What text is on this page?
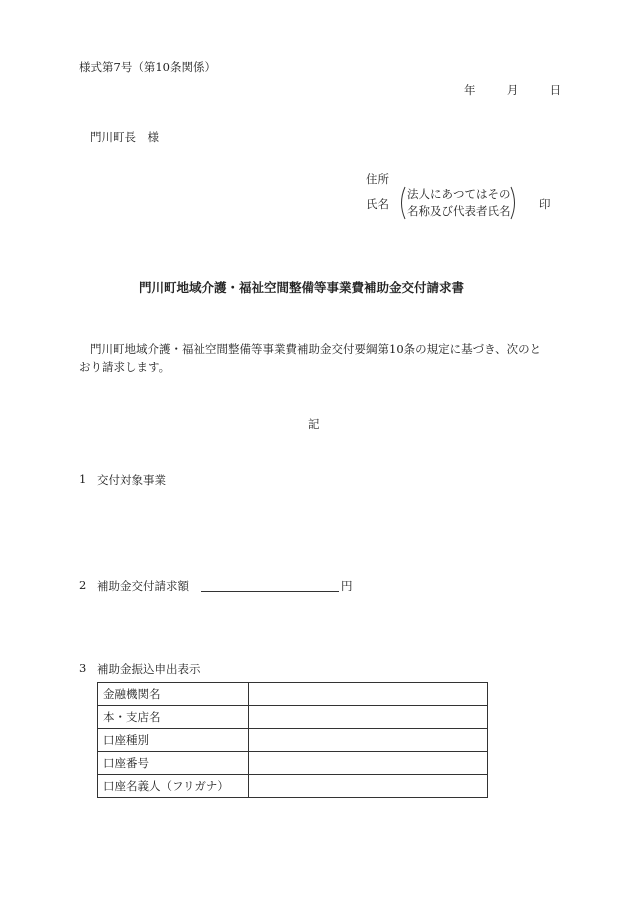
様式第7号（第10条関係）
年	月	日
門川町長　様
住所
氏名
法人にあつてはその
名称及び代表者氏名 印
門川町地域介護・福祉空間整備等事業費補助金交付請求書
門川町地域介護・福祉空間整備等事業費補助金交付要綱第10条の規定に基づき、次のと
おり請求します。
記
1 交付対象事業
2 補助金交付請求額	円
3 補助金振込申出表示
金融機関名	
本・支店名	
口座種別	
口座番号	
口座名義人（フリガナ）	
